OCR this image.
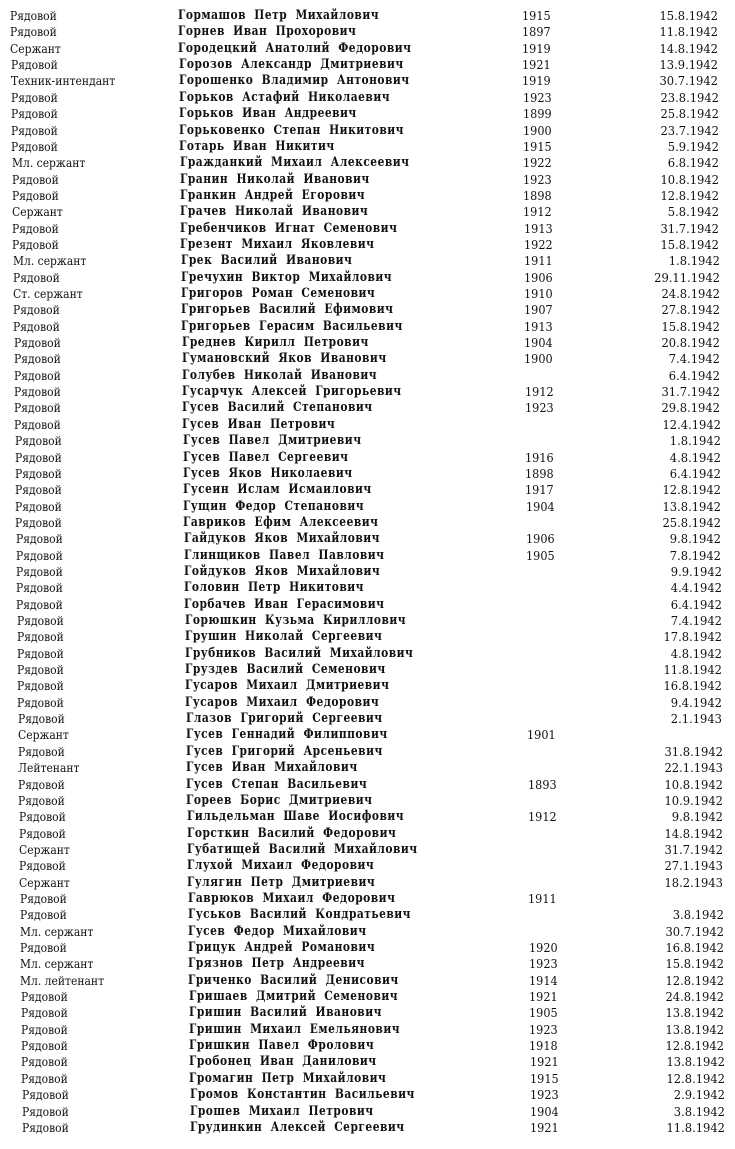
Рядовой	Гормашов Петр Михайлович	1915	15.8.1942
Рядовой	Горнев Иван Прохорович	1897	11.8.1942
Сержант	Городецкий Анатолий Федорович	1919	14.8.1942
Рядовой	Горозов Александр Дмитриевич	1921	13.9.1942
Техник-интендант	Горошенко Владимир Антонович	1919	30.7.1942
Рядовой	Горьков Астафий Николаевич	1923	23.8.1942
Рядовой	Горьков Иван Андреевич	1899	25.8.1942
Рядовой	Горьковенко Степан Никитович	1900	23.7.1942
Рядовой	Готарь Иван Никитич	1915	5.9.1942
Мл. сержант	Гражданкий Михаил Алексеевич	1922	6.8.1942
Рядовой	Гранин Николай Иванович	1923	10.8.1942
Рядовой	Гранкин Андрей Егорович	1898	12.8.1942
Сержант	Грачев Николай Иванович	1912	5.8.1942
Рядовой	Гребенчиков Игнат Семенович	1913	31.7.1942
Рядовой	Грезент Михаил Яковлевич	1922	15.8.1942
Мл. сержант	Грек Василий Иванович	1911	1.8.1942
Рядовой	Гречухин Виктор Михайлович	1906	29.11.1942
Ст. сержант	Григоров Роман Семенович	1910	24.8.1942
Рядовой	Григорьев Василий Ефимович	1907	27.8.1942
Рядовой	Григорьев Герасим Васильевич	1913	15.8.1942
Рядовой	Греднев Кирилл Петрович	1904	20.8.1942
Рядовой	Гумановский Яков Иванович	1900	7.4.1942
Рядовой	Голубев Николай Иванович	6.4.1942
Рядовой	Гусарчук Алексей Григорьевич	1912	31.7.1942
Рядовой	Гусев Василий Степанович	1923	29.8.1942
Рядовой	Гусев Иван Петрович	12.4.1942
Рядовой	Гусев Павел Дмитриевич	1.8.1942
Рядовой	Гусев Павел Сергеевич	1916	4.8.1942
Рядовой	Гусев Яков Николаевич	1898	6.4.1942
Рядовой	Гусеин Ислам Исмаилович	1917	12.8.1942
Рядовой	Гущин Федор Степанович	1904	13.8.1942
Рядовой	Гавриков Ефим Алексеевич	25.8.1942
Рядовой	Гайдуков Яков Михайлович	1906	9.8.1942
Рядовой	Глинщиков Павел Павлович	1905	7.8.1942
Рядовой	Гойдуков Яков Михайлович	9.9.1942
Рядовой	Головин Петр Никитович	4.4.1942
Рядовой	Горбачев Иван Герасимович	6.4.1942
Рядовой	Горюшкин Кузьма Кириллович	7.4.1942
Рядовой	Грушин Николай Сергеевич	17.8.1942
Рядовой	Грубников Василий Михайлович	4.8.1942
Рядовой	Груздев Василий Семенович	11.8.1942
Рядовой	Гусаров Михаил Дмитриевич	16.8.1942
Рядовой	Гусаров Михаил Федорович	9.4.1942
Рядовой	Глазов Григорий Сергеевич	2.1.1943
Сержант	Гусев Геннадий Филиппович	1901
Рядовой	Гусев Григорий Арсеньевич	31.8.1942
Лейтенант	Гусев Иван Михайлович	22.1.1943
Рядовой	Гусев Степан Васильевич	1893	10.8.1942
Рядовой	Гореев Борис Дмитриевич	10.9.1942
Рядовой	Гильдельман Шаве Иосифович	1912	9.8.1942
Рядовой	Горсткин Василий Федорович	14.8.1942
Сержант	Губатищей Василий Михайлович	31.7.1942
Рядовой	Глухой Михаил Федорович	27.1.1943
Сержант	Гулягин Петр Дмитриевич	18.2.1943
Рядовой	Гаврюков Михаил Федорович	1911
Рядовой	Гуськов Василий Кондратьевич	3.8.1942
Мл. сержант	Гусев Федор Михайлович	30.7.1942
Рядовой	Грицук Андрей Романович	1920	16.8.1942
Мл. сержант	Грязнов Петр Андреевич	1923	15.8.1942
Мл. лейтенант	Гриченко Василий Денисович	1914	12.8.1942
Рядовой	Гришаев Дмитрий Семенович	1921	24.8.1942
Рядовой	Гришин Василий Иванович	1905	13.8.1942
Рядовой	Гришин Михаил Емельянович	1923	13.8.1942
Рядовой	Гришкин Павел Фролович	1918	12.8.1942
Рядовой	Гробонец Иван Данилович	1921	13.8.1942
Рядовой	Громагин Петр Михайлович	1915	12.8.1942
Рядовой	Громов Константин Васильевич	1923	2.9.1942
Рядовой	Грошев Михаил Петрович	1904	3.8.1942
Рядовой	Грудинкин Алексей Сергеевич	1921	11.8.1942
